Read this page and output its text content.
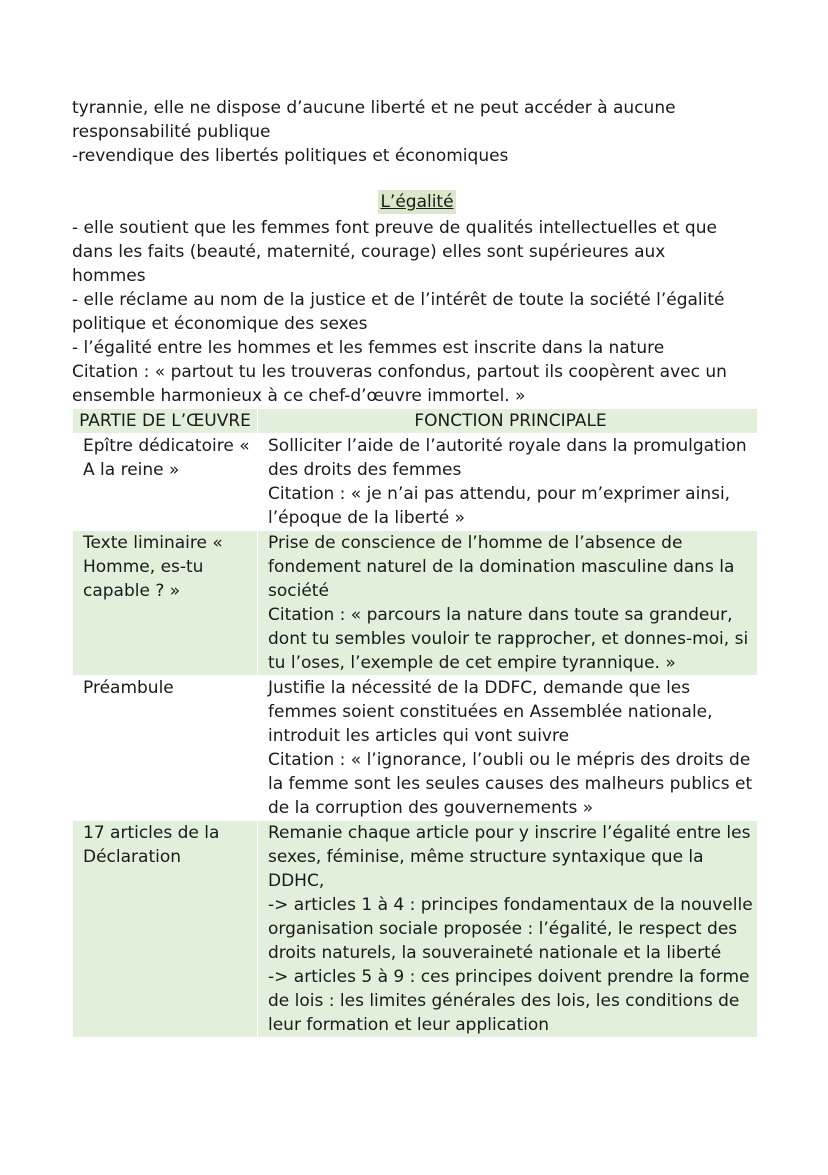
tyrannie, elle ne dispose d’aucune liberté et ne peut accéder à aucune

responsabilité publique

-revendique des libertés politiques et économiques

L’égalité

- elle soutient que les femmes font preuve de qualités intellectuelles et que

dans les faits (beauté, maternité, courage) elles sont supérieures aux

hommes

- elle réclame au nom de la justice et de l’intérêt de toute la société l’égalité

politique et économique des sexes

- l’égalité entre les hommes et les femmes est inscrite dans la nature

Citation : « partout tu les trouveras confondus, partout ils coopèrent avec un

ensemble harmonieux à ce chef-d’œuvre immortel. »

PARTIE DE L’ŒUVRE	FONCTION PRINCIPALE
Epître dédicatoire « A la reine »	Solliciter l’aide de l’autorité royale dans la promulgation des droits des femmes
Citation : « je n’ai pas attendu, pour m’exprimer ainsi, l’époque de la liberté »
Texte liminaire « Homme, es-tu capable ? »	Prise de conscience de l’homme de l’absence de fondement naturel de la domination masculine dans la société
Citation : « parcours la nature dans toute sa grandeur, dont tu sembles vouloir te rapprocher, et donnes-moi, si tu l’oses, l’exemple de cet empire tyrannique. »
Préambule	Justifie la nécessité de la DDFC, demande que les femmes soient constituées en Assemblée nationale, introduit les articles qui vont suivre
Citation : « l’ignorance, l’oubli ou le mépris des droits de la femme sont les seules causes des malheurs publics et de la corruption des gouvernements »
17 articles de la Déclaration	Remanie chaque article pour y inscrire l’égalité entre les sexes, féminise, même structure syntaxique que la DDHC,
-> articles 1 à 4 : principes fondamentaux de la nouvelle organisation sociale proposée : l’égalité, le respect des droits naturels, la souveraineté nationale et la liberté
-> articles 5 à 9 : ces principes doivent prendre la forme de lois : les limites générales des lois, les conditions de leur formation et leur application
